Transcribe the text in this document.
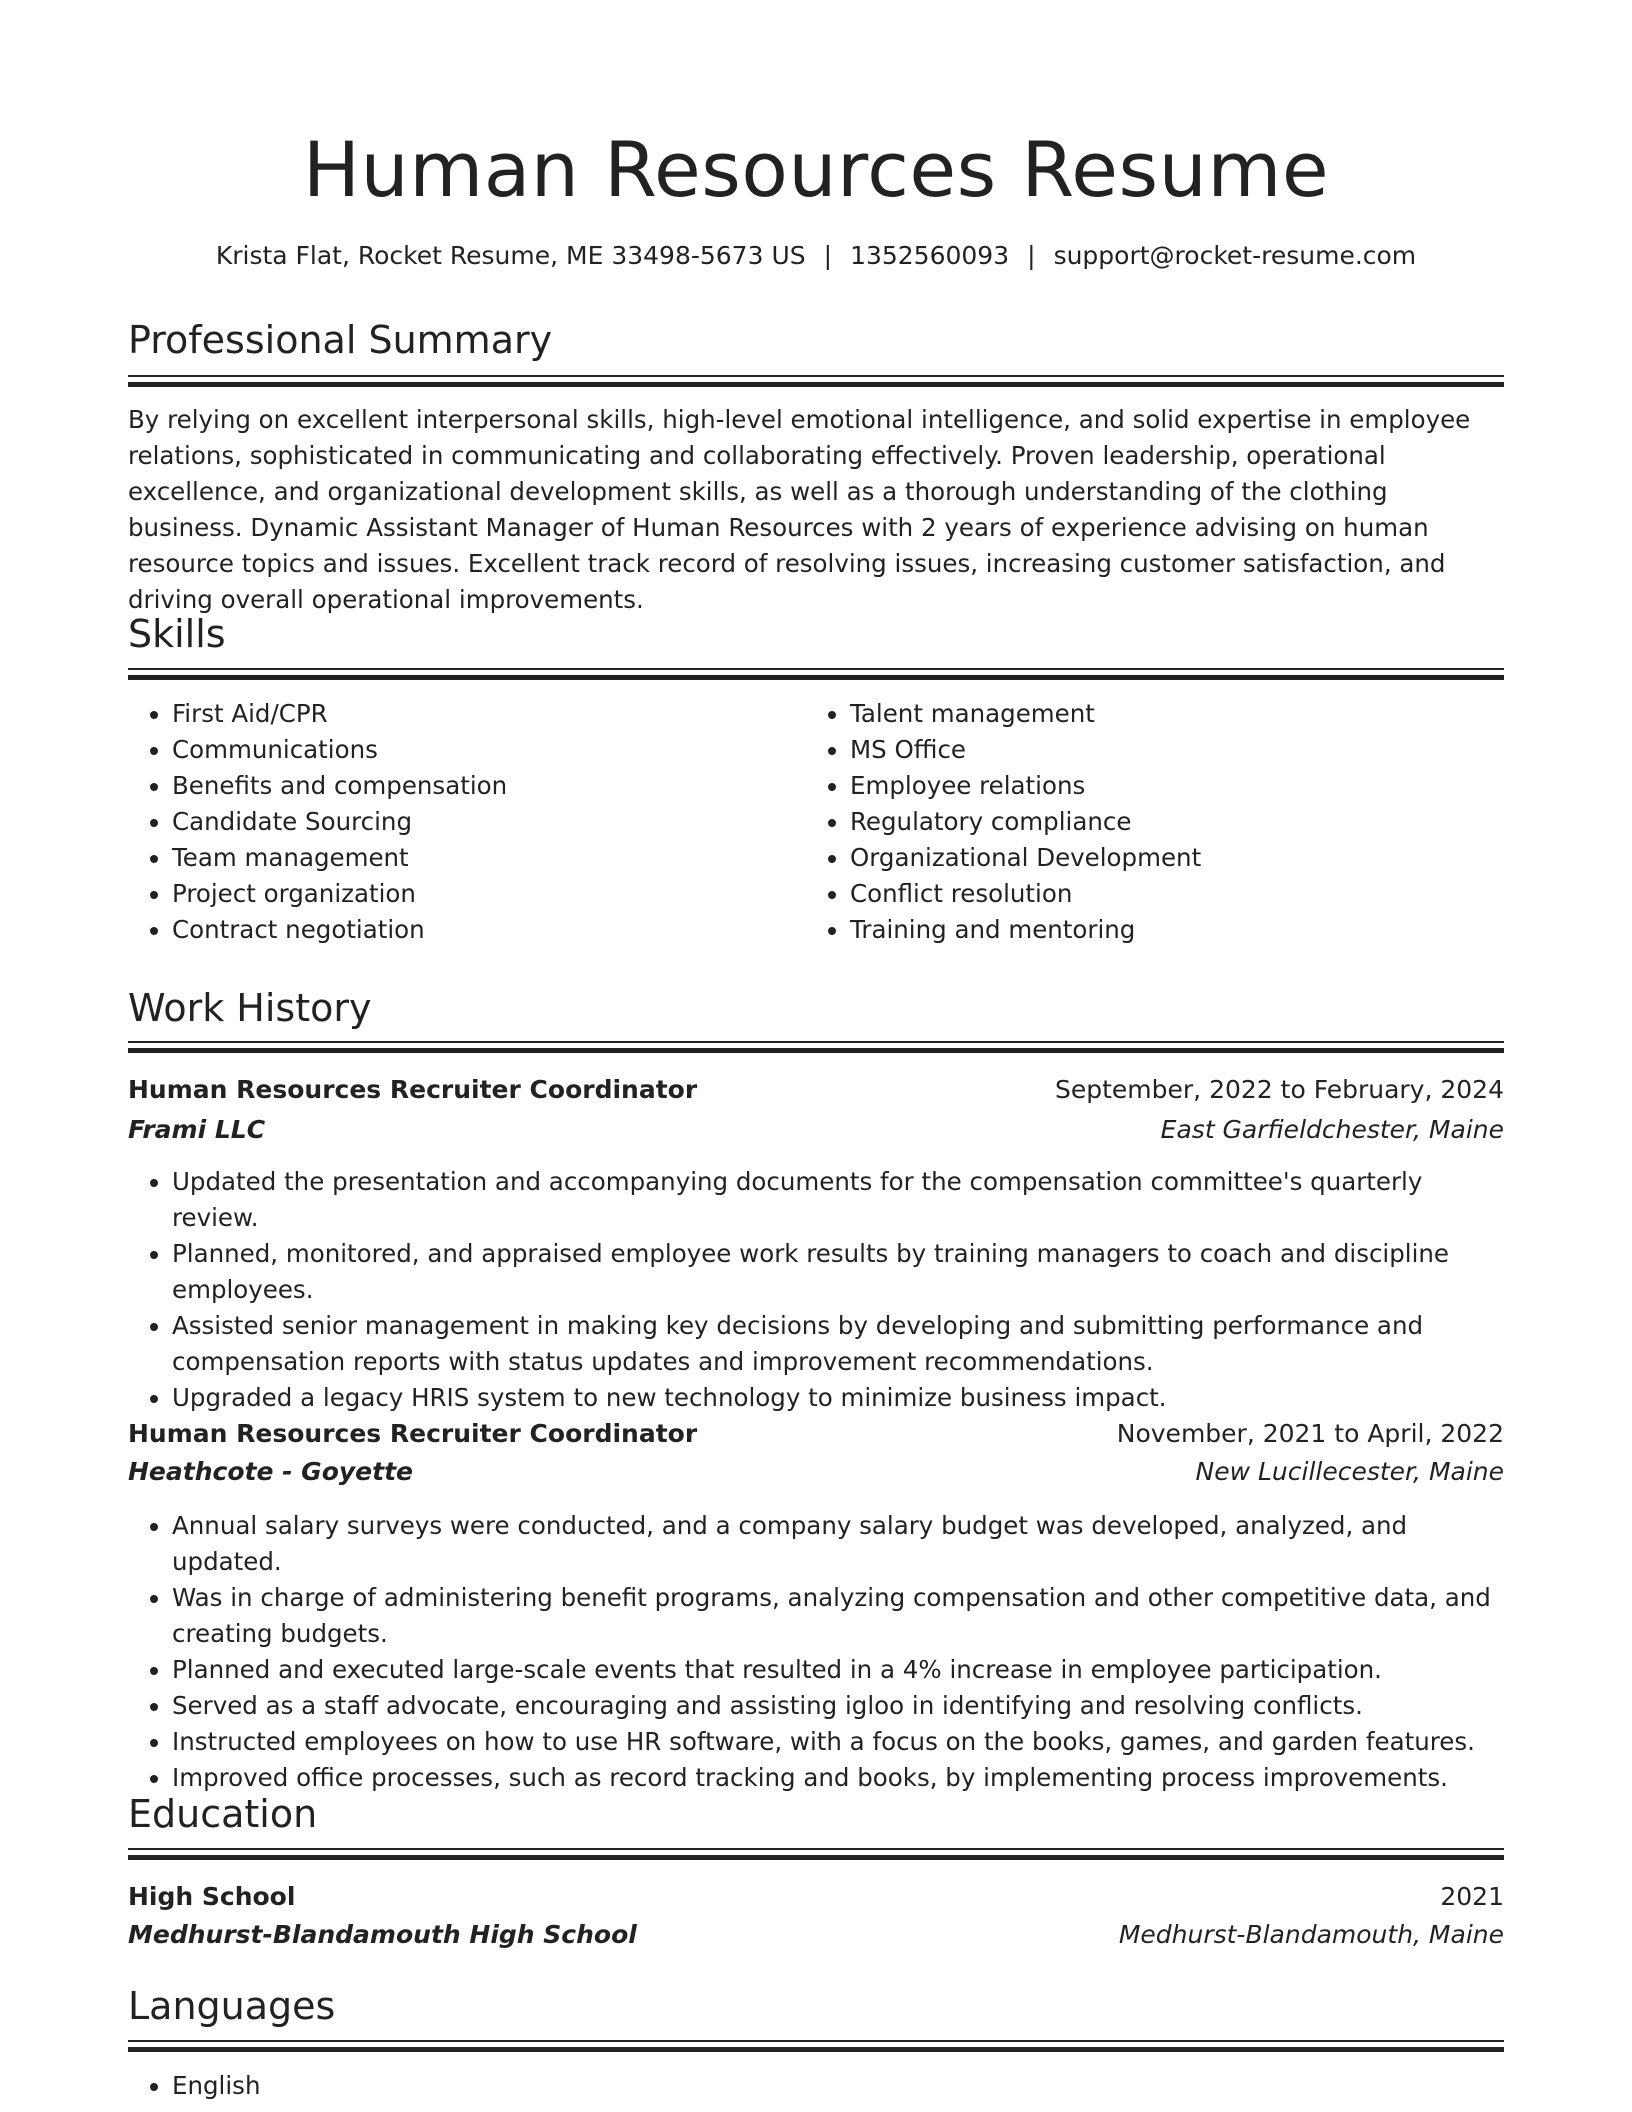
Human Resources Resume
Krista Flat, Rocket Resume, ME 33498-5673 US | 1352560093 | support@rocket-resume.com
Professional Summary
By relying on excellent interpersonal skills, high-level emotional intelligence, and solid expertise in employee relations, sophisticated in communicating and collaborating effectively. Proven leadership, operational excellence, and organizational development skills, as well as a thorough understanding of the clothing business. Dynamic Assistant Manager of Human Resources with 2 years of experience advising on human resource topics and issues. Excellent track record of resolving issues, increasing customer satisfaction, and driving overall operational improvements.
Skills
• First Aid/CPR
• Communications
• Benefits and compensation
• Candidate Sourcing
• Team management
• Project organization
• Contract negotiation
• Talent management
• MS Office
• Employee relations
• Regulatory compliance
• Organizational Development
• Conflict resolution
• Training and mentoring
Work History
Human Resources Recruiter Coordinator	September, 2022 to February, 2024
Frami LLC	East Garfieldchester, Maine
• Updated the presentation and accompanying documents for the compensation committee's quarterly review.
• Planned, monitored, and appraised employee work results by training managers to coach and discipline employees.
• Assisted senior management in making key decisions by developing and submitting performance and compensation reports with status updates and improvement recommendations.
• Upgraded a legacy HRIS system to new technology to minimize business impact.
Human Resources Recruiter Coordinator	November, 2021 to April, 2022
Heathcote - Goyette	New Lucillecester, Maine
• Annual salary surveys were conducted, and a company salary budget was developed, analyzed, and updated.
• Was in charge of administering benefit programs, analyzing compensation and other competitive data, and creating budgets.
• Planned and executed large-scale events that resulted in a 4% increase in employee participation.
• Served as a staff advocate, encouraging and assisting igloo in identifying and resolving conflicts.
• Instructed employees on how to use HR software, with a focus on the books, games, and garden features.
• Improved office processes, such as record tracking and books, by implementing process improvements.
Education
High School	2021
Medhurst-Blandamouth High School	Medhurst-Blandamouth, Maine
Languages
• English
